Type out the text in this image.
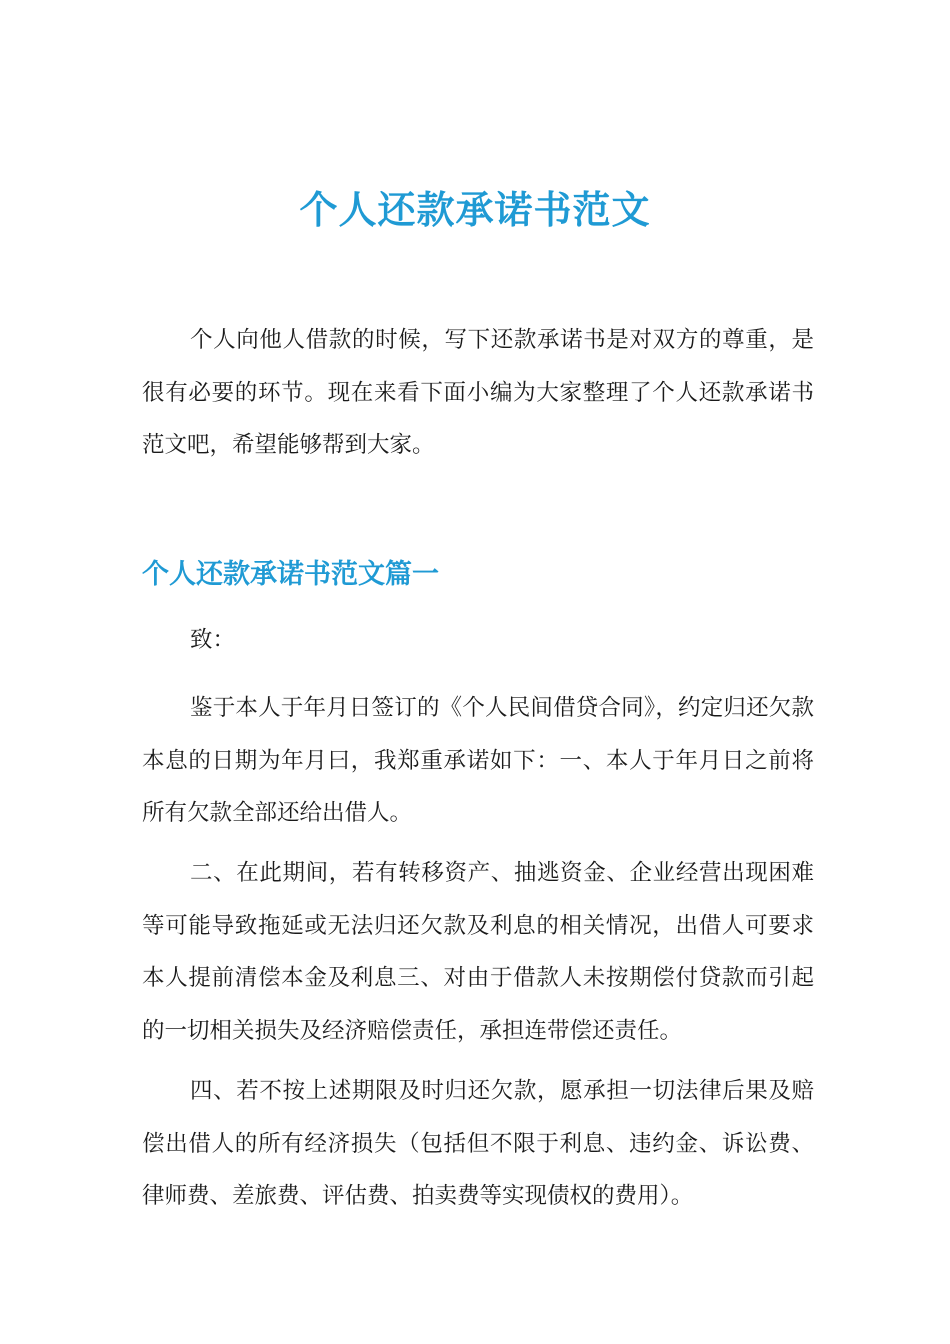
个人还款承诺书范文

个人向他人借款的时候，写下还款承诺书是对双方的尊重，是很有必要的环节。现在来看下面小编为大家整理了个人还款承诺书范文吧，希望能够帮到大家。

个人还款承诺书范文篇一

致：

鉴于本人于年月日签订的《个人民间借贷合同》，约定归还欠款本息的日期为年月曰，我郑重承诺如下：一、本人于年月日之前将所有欠款全部还给出借人。

二、在此期间，若有转移资产、抽逃资金、企业经营出现困难等可能导致拖延或无法归还欠款及利息的相关情况，出借人可要求本人提前清偿本金及利息三、对由于借款人未按期偿付贷款而引起的一切相关损失及经济赔偿责任，承担连带偿还责任。

四、若不按上述期限及时归还欠款，愿承担一切法律后果及赔偿出借人的所有经济损失（包括但不限于利息、违约金、诉讼费、律师费、差旅费、评估费、拍卖费等实现债权的费用）。
